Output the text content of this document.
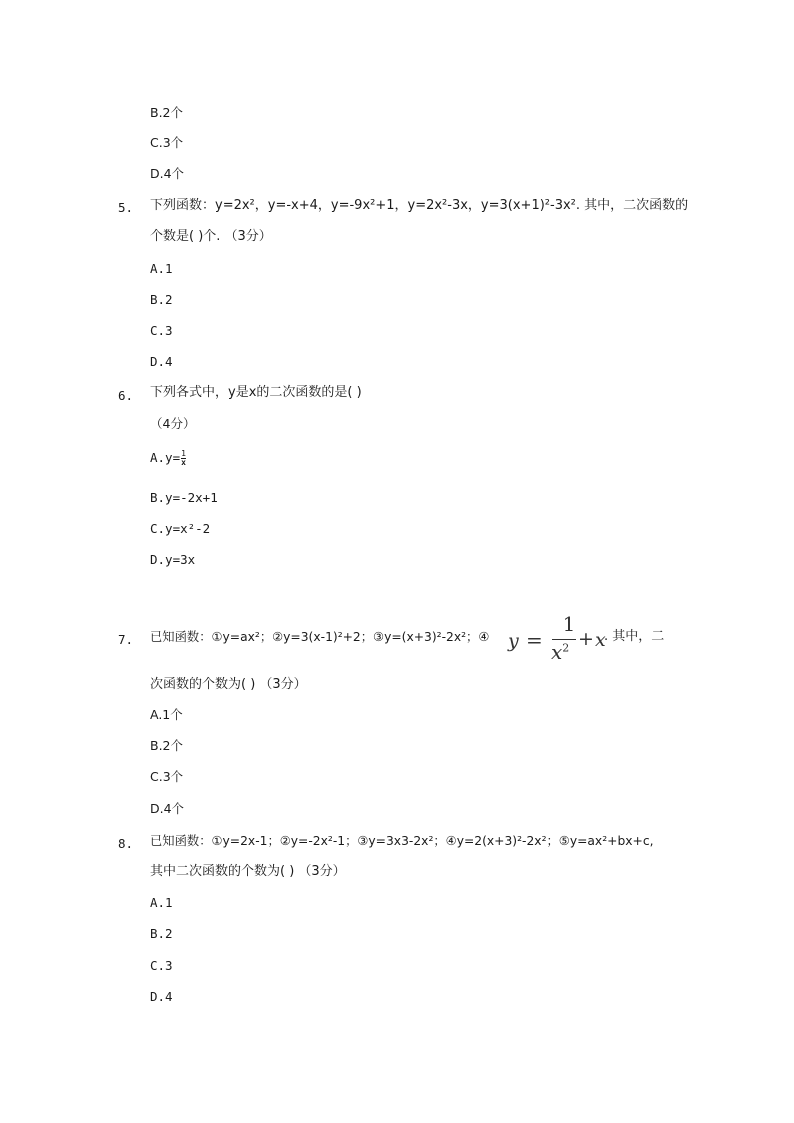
B.2个
C.3个
D.4个
5. 下列函数：y=2x²，y=-x+4，y=-9x²+1，y=2x²-3x，y=3(x+1)²-3x². 其中，二次函数的
个数是( )个. （3分）
A.1
B.2
C.3
D.4
6. 下列各式中，y是x的二次函数的是( )
（4分）
$A.y= \frac{1}{x}$
B.y=-2x+1
C.y=x²-2
D.y=3x
7. 已知函数：①y=ax²；②y=3(x-1)²+2；③y=(x+3)²-2x²；④ y =
1
$x^2 + x$
. 其中，二
次函数的个数为( ) （3分）
A.1个
B.2个
C.3个
D.4个
8. 已知函数：①y=2x-1；②y=-2x²-1；③y=3x3-2x²；④y=2(x+3)²-2x²；⑤y=ax²+bx+c,
其中二次函数的个数为( ) （3分）
A.1
B.2
C.3
D.4
